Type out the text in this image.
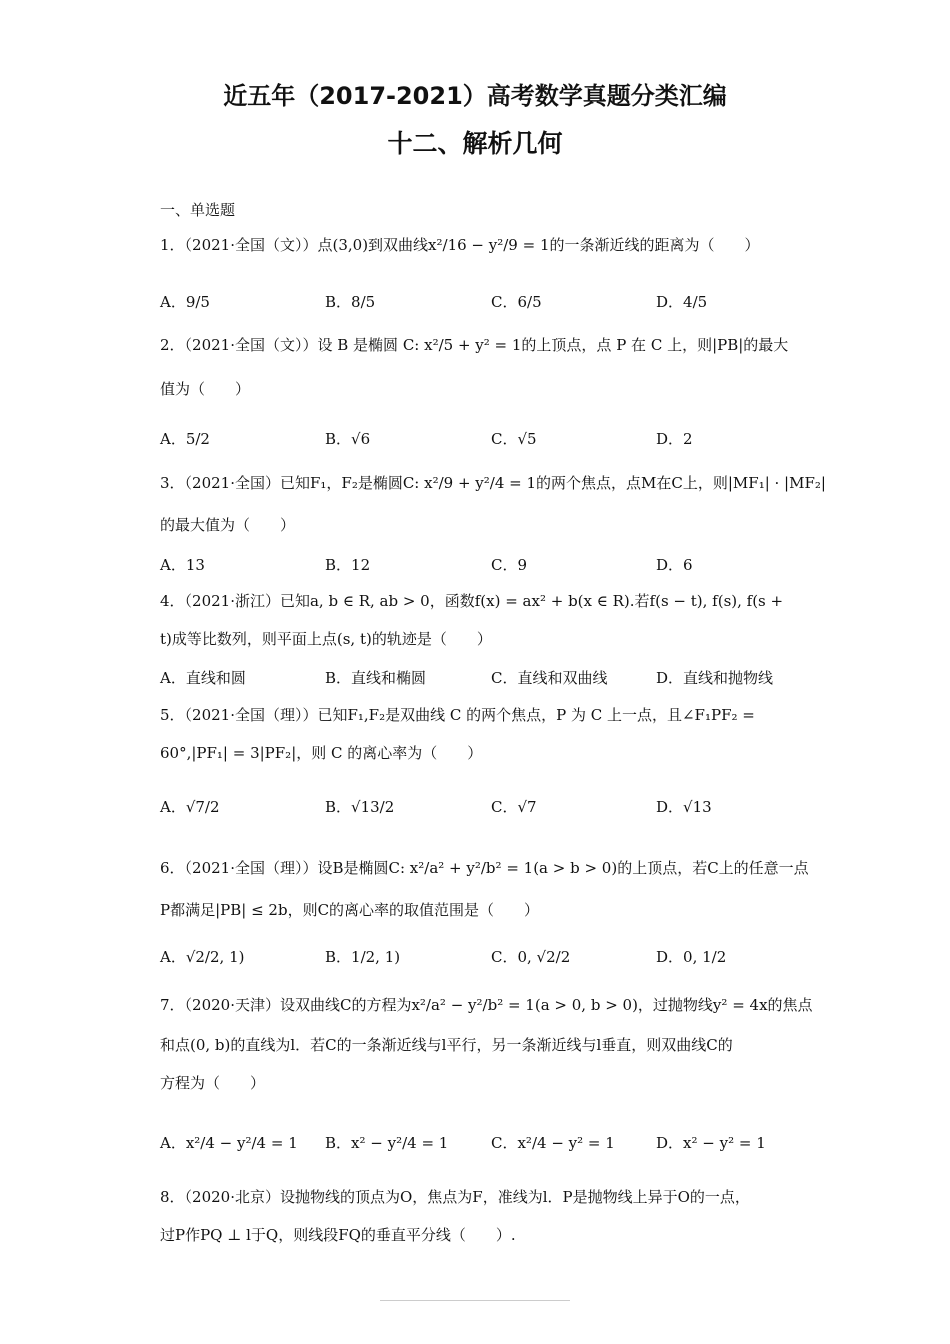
近五年（2017-2021）高考数学真题分类汇编
十二、解析几何
一、单选题
1．（2021·全国（文））点(3,0)到双曲线x²/16 − y²/9 = 1的一条渐近线的距离为（　　）
A．9/5	B．8/5	C．6/5	D．4/5
2．（2021·全国（文））设 B 是椭圆 C: x²/5 + y² = 1的上顶点，点 P 在 C 上，则|PB|的最大
值为（　　）
A．5/2	B．√6	C．√5	D．2
3．（2021·全国）已知F₁，F₂是椭圆C: x²/9 + y²/4 = 1的两个焦点，点M在C上，则|MF₁| · |MF₂|
的最大值为（　　）
A．13	B．12	C．9	D．6
4．（2021·浙江）已知a, b ∈ R, ab > 0，函数f(x) = ax² + b(x ∈ R).若f(s − t), f(s), f(s +
t)成等比数列，则平面上点(s, t)的轨迹是（　　）
A．直线和圆	B．直线和椭圆	C．直线和双曲线	D．直线和抛物线
5．（2021·全国（理））已知F₁,F₂是双曲线 C 的两个焦点，P 为 C 上一点，且∠F₁PF₂ =
60°,|PF₁| = 3|PF₂|，则 C 的离心率为（　　）
A．√7/2	B．√13/2	C．√7	D．√13
6．（2021·全国（理））设B是椭圆C: x²/a² + y²/b² = 1(a > b > 0)的上顶点，若C上的任意一点
P都满足|PB| ≤ 2b，则C的离心率的取值范围是（　　）
A．√2/2, 1)	B．1/2, 1)	C．0, √2/2	D．0, 1/2
7．（2020·天津）设双曲线C的方程为x²/a² − y²/b² = 1(a > 0, b > 0)，过抛物线y² = 4x的焦点
和点(0, b)的直线为l．若C的一条渐近线与l平行，另一条渐近线与l垂直，则双曲线C的
方程为（　　）
A．x²/4 − y²/4 = 1 B．x² − y²/4 = 1	C．x²/4 − y² = 1	D．x² − y² = 1
8．（2020·北京）设抛物线的顶点为O，焦点为F，准线为l．P是抛物线上异于O的一点，
过P作PQ ⊥ l于Q，则线段FQ的垂直平分线（　　）.
